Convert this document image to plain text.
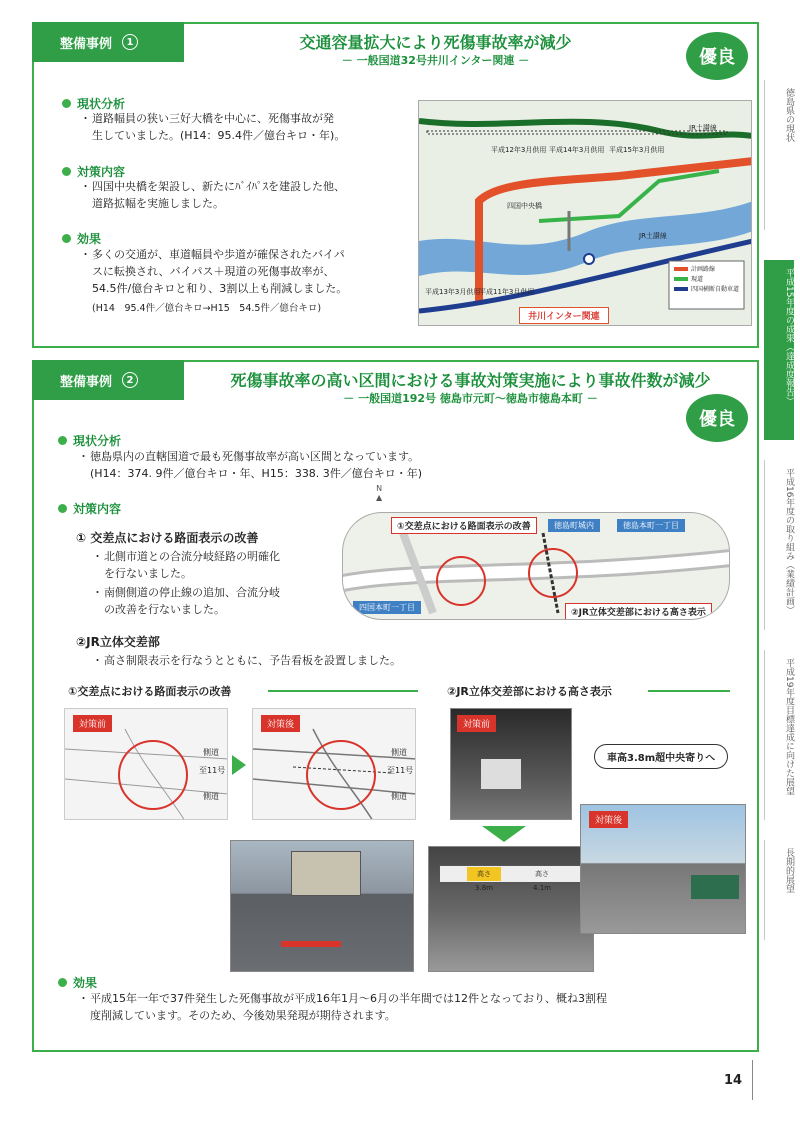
徳島県の現状
平成15年度の成果（達成度報告）
平成16年度の取り組み（業績計画）
平成19年度目標達成に向けた展望
長期的展望
整備事例	1	交通容量拡大により死傷事故率が減少
－ 一般国道32号井川インター関連 －	優良
現状分析
・ 道路幅員の狭い三好大橋を中心に、死傷事故が発
生していました。(H14：95.4件／億台キロ・年)。
対策内容
・ 四国中央橋を架設し、新たにﾊﾞｲﾊﾟｽを建設した他、
道路拡幅を実施しました。
効果
・ 多くの交通が、車道幅員や歩道が確保されたバイパ
スに転換され、バイパス＋現道の死傷事故率が、
54.5件/億台キロと和り、3割以上も削減しました。
(H14　95.4件／億台キロ→H15　54.5件／億台キロ)
井川インター関連
平成13年3月供用
平成11年3月供用
平成12年3月供用 平成14年3月供用 平成15年3月供用
四国中央橋
JR土讃線
JR土讃線
計画路線
現道
四国横断自動車道
整備事例	2	死傷事故率の高い区間における事故対策実施により事故件数が減少
－ 一般国道192号 徳島市元町～徳島市徳島本町 －
優良
現状分析
・ 徳島県内の直轄国道で最も死傷事故率が高い区間となっています。
(H14：374. 9件／億台キロ・年、H15：338. 3件／億台キロ・年)
対策内容
① 交差点における路面表示の改善
・ 北側市道との合流分岐経路の明確化
を行ないました。
・ 南側側道の停止線の追加、合流分岐
の改善を行ないました。
②JR立体交差部
・ 高さ制限表示を行なうとともに、予告看板を設置しました。
N
▲
①交差点における路面表示の改善
②JR立体交差部における高さ表示
徳島町城内	徳島本町一丁目
四国本町一丁目
①交差点における路面表示の改善	②JR立体交差部における高さ表示
対策前
側道
至11号
側道
対策後
側道
至11号
側道
対策前
車高3.8m超中央寄りへ
高さ 3.8m
高さ 4.1m
対策後
効果
・ 平成15年一年で37件発生した死傷事故が平成16年1月～6月の半年間では12件となっており、概ね3割程
度削減しています。そのため、今後効果発現が期待されます。
14
